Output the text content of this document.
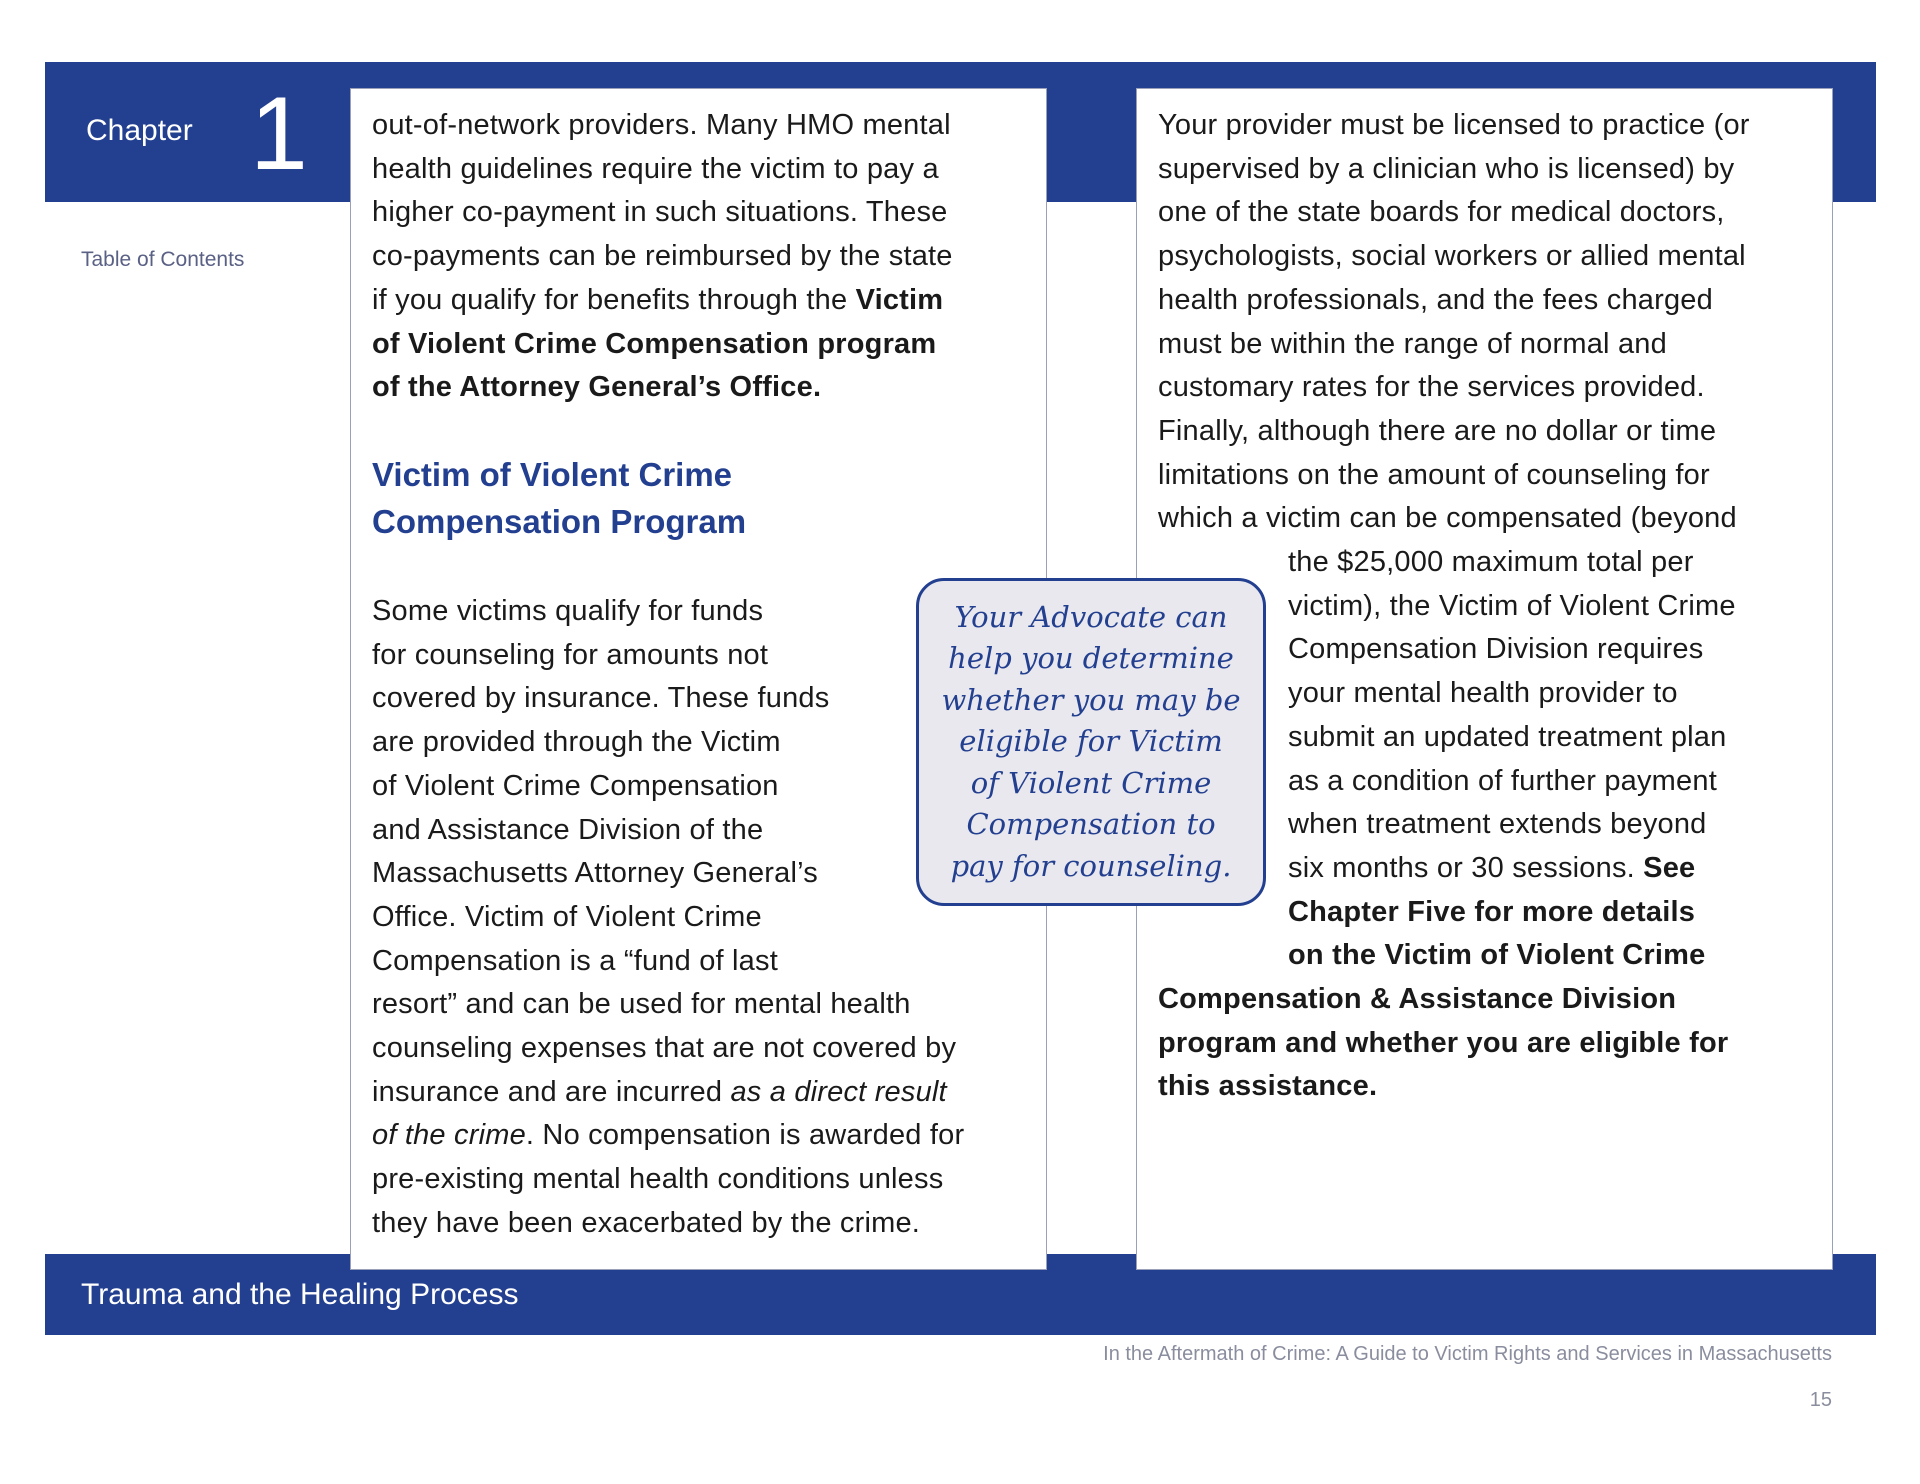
Chapter 1
Table of Contents
out-of-network providers. Many HMO mental
health guidelines require the victim to pay a
higher co-payment in such situations. These
co-payments can be reimbursed by the state
if you qualify for benefits through the Victim
of Violent Crime Compensation program
of the Attorney General’s Office.
Victim of Violent Crime
Compensation Program
Some victims qualify for funds
for counseling for amounts not
covered by insurance. These funds
are provided through the Victim
of Violent Crime Compensation
and Assistance Division of the
Massachusetts Attorney General’s
Office. Victim of Violent Crime
Compensation is a “fund of last
resort” and can be used for mental health
counseling expenses that are not covered by
insurance and are incurred as a direct result
of the crime. No compensation is awarded for
pre-existing mental health conditions unless
they have been exacerbated by the crime.
Your Advocate can
help you determine
whether you may be
eligible for Victim
of Violent Crime
Compensation to
pay for counseling.
Your provider must be licensed to practice (or
supervised by a clinician who is licensed) by
one of the state boards for medical doctors,
psychologists, social workers or allied mental
health professionals, and the fees charged
must be within the range of normal and
customary rates for the services provided.
Finally, although there are no dollar or time
limitations on the amount of counseling for
which a victim can be compensated (beyond
the $25,000 maximum total per
victim), the Victim of Violent Crime
Compensation Division requires
your mental health provider to
submit an updated treatment plan
as a condition of further payment
when treatment extends beyond
six months or 30 sessions. See
Chapter Five for more details
on the Victim of Violent Crime
Compensation & Assistance Division
program and whether you are eligible for
this assistance.
Trauma and the Healing Process
In the Aftermath of Crime: A Guide to Victim Rights and Services in Massachusetts
15
